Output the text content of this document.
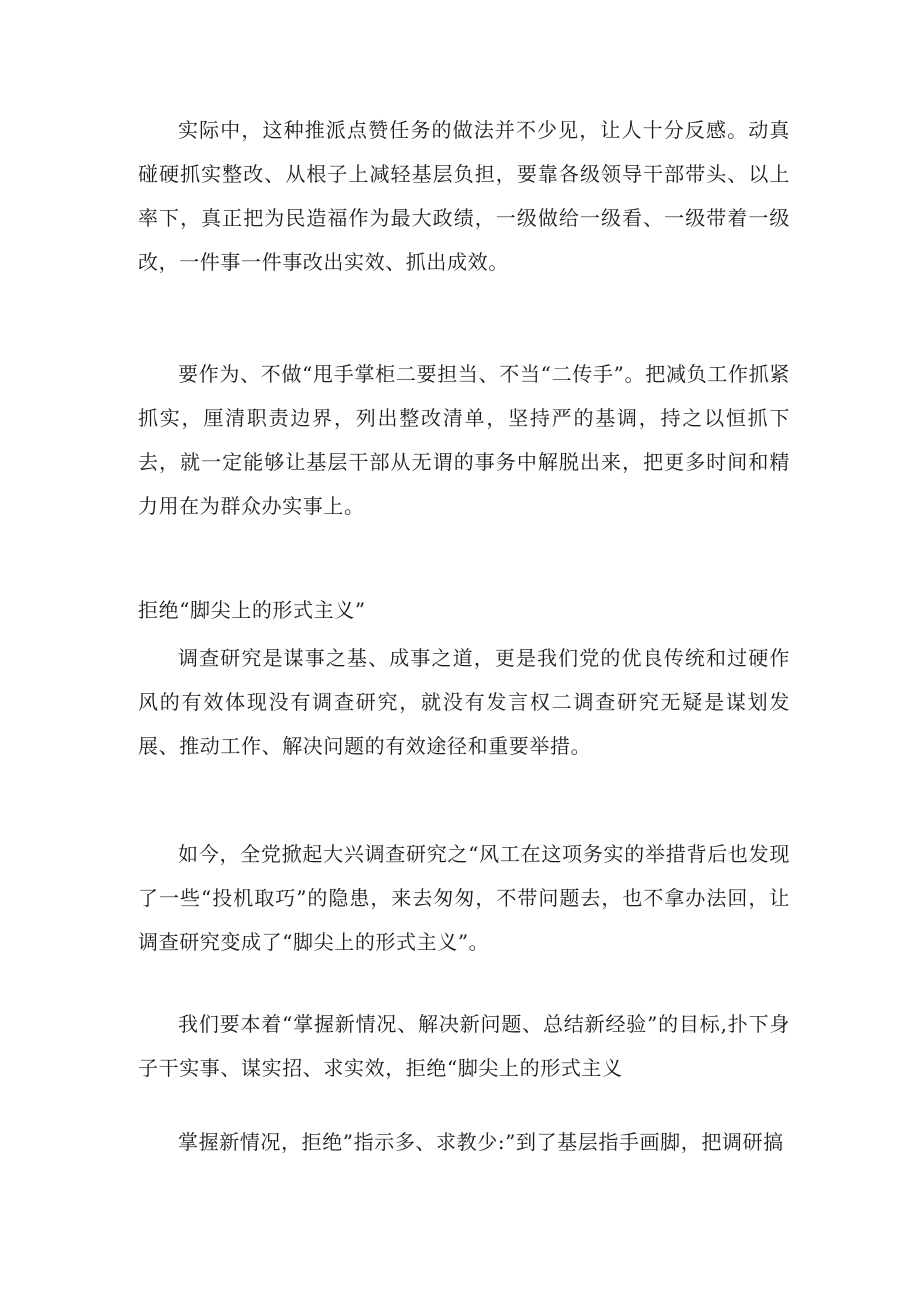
实际中，这种推派点赞任务的做法并不少见，让人十分反感。动真碰硬抓实整改、从根子上减轻基层负担，要靠各级领导干部带头、以上率下，真正把为民造福作为最大政绩，一级做给一级看、一级带着一级改，一件事一件事改出实效、抓出成效。

要作为、不做“甩手掌柜二要担当、不当“二传手”。把减负工作抓紧抓实，厘清职责边界，列出整改清单，坚持严的基调，持之以恒抓下去，就一定能够让基层干部从无谓的事务中解脱出来，把更多时间和精力用在为群众办实事上。

拒绝“脚尖上的形式主义”

调查研究是谋事之基、成事之道，更是我们党的优良传统和过硬作风的有效体现没有调查研究，就没有发言权二调查研究无疑是谋划发展、推动工作、解决问题的有效途径和重要举措。

如今，全党掀起大兴调查研究之“风工在这项务实的举措背后也发现了一些“投机取巧”的隐患，来去匆匆，不带问题去，也不拿办法回，让调查研究变成了“脚尖上的形式主义”。

我们要本着“掌握新情况、解决新问题、总结新经验”的目标,扑下身子干实事、谋实招、求实效，拒绝“脚尖上的形式主义

掌握新情况，拒绝”指示多、求教少:”到了基层指手画脚，把调研搞
